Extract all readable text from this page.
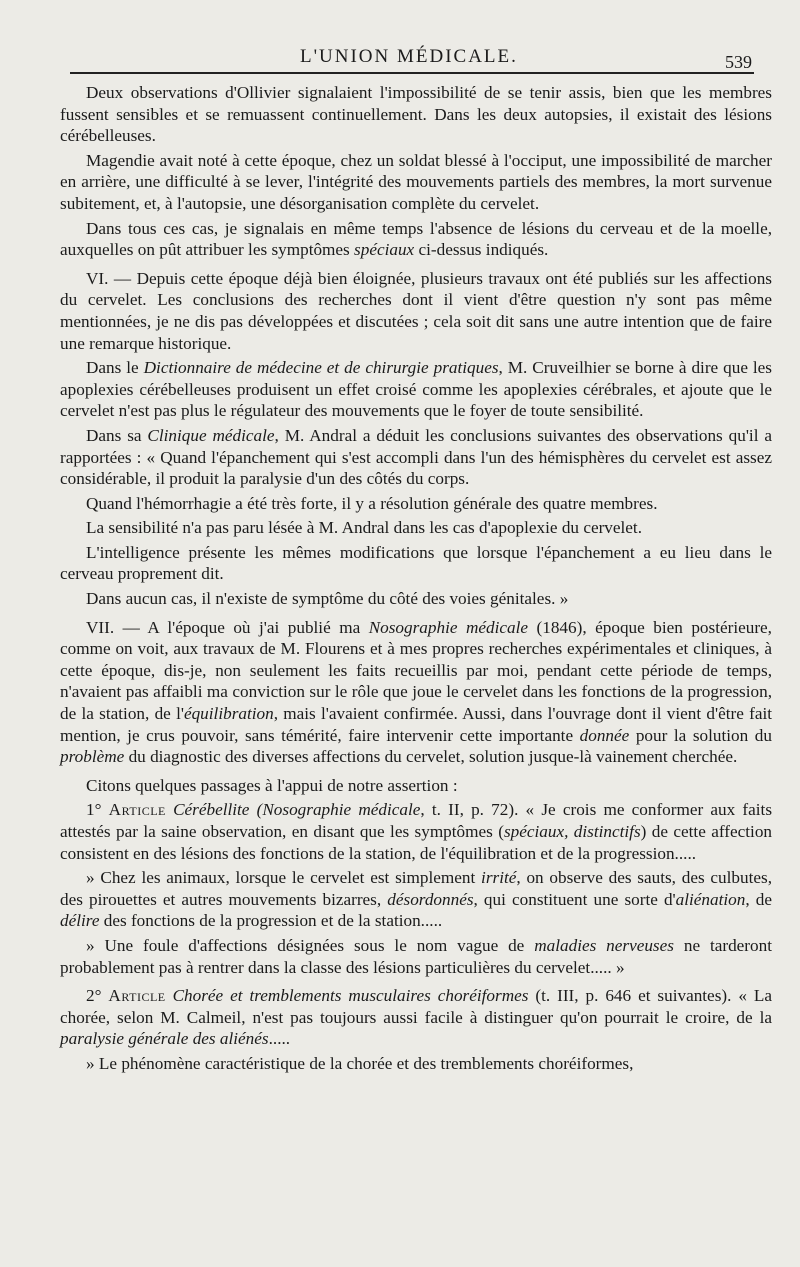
L'UNION MÉDICALE.	539

Deux observations d'Ollivier signalaient l'impossibilité de se tenir assis, bien que les membres fussent sensibles et se remuassent continuellement. Dans les deux autopsies, il existait des lésions cérébelleuses.

Magendie avait noté à cette époque, chez un soldat blessé à l'occiput, une impossibilité de marcher en arrière, une difficulté à se lever, l'intégrité des mouvements partiels des membres, la mort survenue subitement, et, à l'autopsie, une désorganisation complète du cervelet.

Dans tous ces cas, je signalais en même temps l'absence de lésions du cerveau et de la moelle, auxquelles on pût attribuer les symptômes spéciaux ci-dessus indiqués.

VI. — Depuis cette époque déjà bien éloignée, plusieurs travaux ont été publiés sur les affections du cervelet. Les conclusions des recherches dont il vient d'être question n'y sont pas même mentionnées, je ne dis pas développées et discutées ; cela soit dit sans une autre intention que de faire une remarque historique.

Dans le Dictionnaire de médecine et de chirurgie pratiques, M. Cruveilhier se borne à dire que les apoplexies cérébelleuses produisent un effet croisé comme les apoplexies cérébrales, et ajoute que le cervelet n'est pas plus le régulateur des mouvements que le foyer de toute sensibilité.

Dans sa Clinique médicale, M. Andral a déduit les conclusions suivantes des observations qu'il a rapportées : « Quand l'épanchement qui s'est accompli dans l'un des hémisphères du cervelet est assez considérable, il produit la paralysie d'un des côtés du corps.

Quand l'hémorrhagie a été très forte, il y a résolution générale des quatre membres.

La sensibilité n'a pas paru lésée à M. Andral dans les cas d'apoplexie du cervelet.

L'intelligence présente les mêmes modifications que lorsque l'épanchement a eu lieu dans le cerveau proprement dit.

Dans aucun cas, il n'existe de symptôme du côté des voies génitales. »

VII. — A l'époque où j'ai publié ma Nosographie médicale (1846), époque bien postérieure, comme on voit, aux travaux de M. Flourens et à mes propres recherches expérimentales et cliniques, à cette époque, dis-je, non seulement les faits recueillis par moi, pendant cette période de temps, n'avaient pas affaibli ma conviction sur le rôle que joue le cervelet dans les fonctions de la progression, de la station, de l'équilibration, mais l'avaient confirmée. Aussi, dans l'ouvrage dont il vient d'être fait mention, je crus pouvoir, sans témérité, faire intervenir cette importante donnée pour la solution du problème du diagnostic des diverses affections du cervelet, solution jusque-là vainement cherchée.

Citons quelques passages à l'appui de notre assertion :

1° Article Cérébellite (Nosographie médicale, t. II, p. 72). « Je crois me conformer aux faits attestés par la saine observation, en disant que les symptômes (spéciaux, distinctifs) de cette affection consistent en des lésions des fonctions de la station, de l'équilibration et de la progression.....

» Chez les animaux, lorsque le cervelet est simplement irrité, on observe des sauts, des culbutes, des pirouettes et autres mouvements bizarres, désordonnés, qui constituent une sorte d'aliénation, de délire des fonctions de la progression et de la station.....

» Une foule d'affections désignées sous le nom vague de maladies nerveuses ne tarderont probablement pas à rentrer dans la classe des lésions particulières du cervelet..... »

2° Article Chorée et tremblements musculaires choréiformes (t. III, p. 646 et suivantes). « La chorée, selon M. Calmeil, n'est pas toujours aussi facile à distinguer qu'on pourrait le croire, de la paralysie générale des aliénés.....

» Le phénomène caractéristique de la chorée et des tremblements choréiformes,
